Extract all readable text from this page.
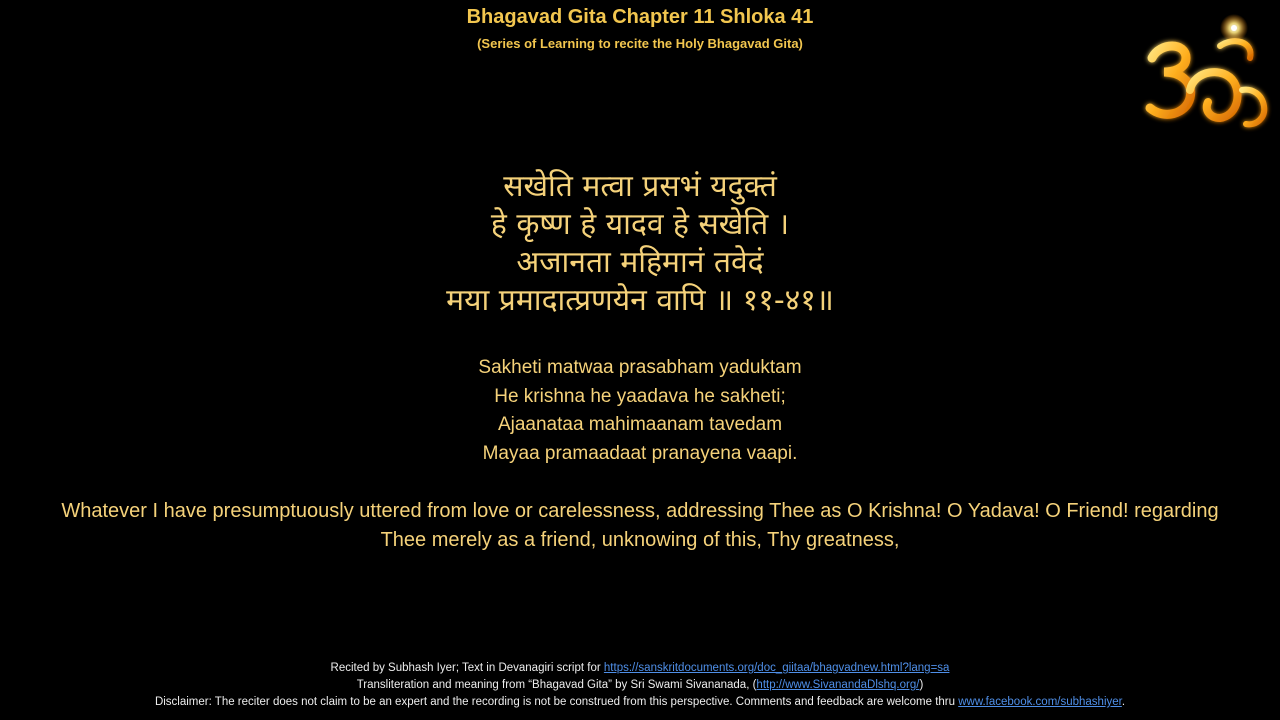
Bhagavad Gita Chapter 11 Shloka 41
(Series of Learning to recite the Holy Bhagavad Gita)
सखेति मत्वा प्रसभं यदुक्तं
हे कृष्ण हे यादव हे सखेति ।
अजानता महिमानं तवेदं
मया प्रमादात्प्रणयेन वापि ॥ ११-४१॥
Sakheti matwaa prasabham yaduktam
He krishna he yaadava he sakheti;
Ajaanataa mahimaanam tavedam
Mayaa pramaadaat pranayena vaapi.
Whatever I have presumptuously uttered from love or carelessness, addressing Thee as O Krishna! O Yadava! O Friend! regarding
Thee merely as a friend, unknowing of this, Thy greatness,
Recited by Subhash Iyer; Text in Devanagiri script for https://sanskritdocuments.org/doc_giitaa/bhagvadnew.html?lang=sa
Transliteration and meaning from “Bhagavad Gita” by Sri Swami Sivananada, (http://www.SivanandaDlshq.org/)
Disclaimer: The reciter does not claim to be an expert and the recording is not be construed from this perspective. Comments and feedback are welcome thru www.facebook.com/subhashiyer.
